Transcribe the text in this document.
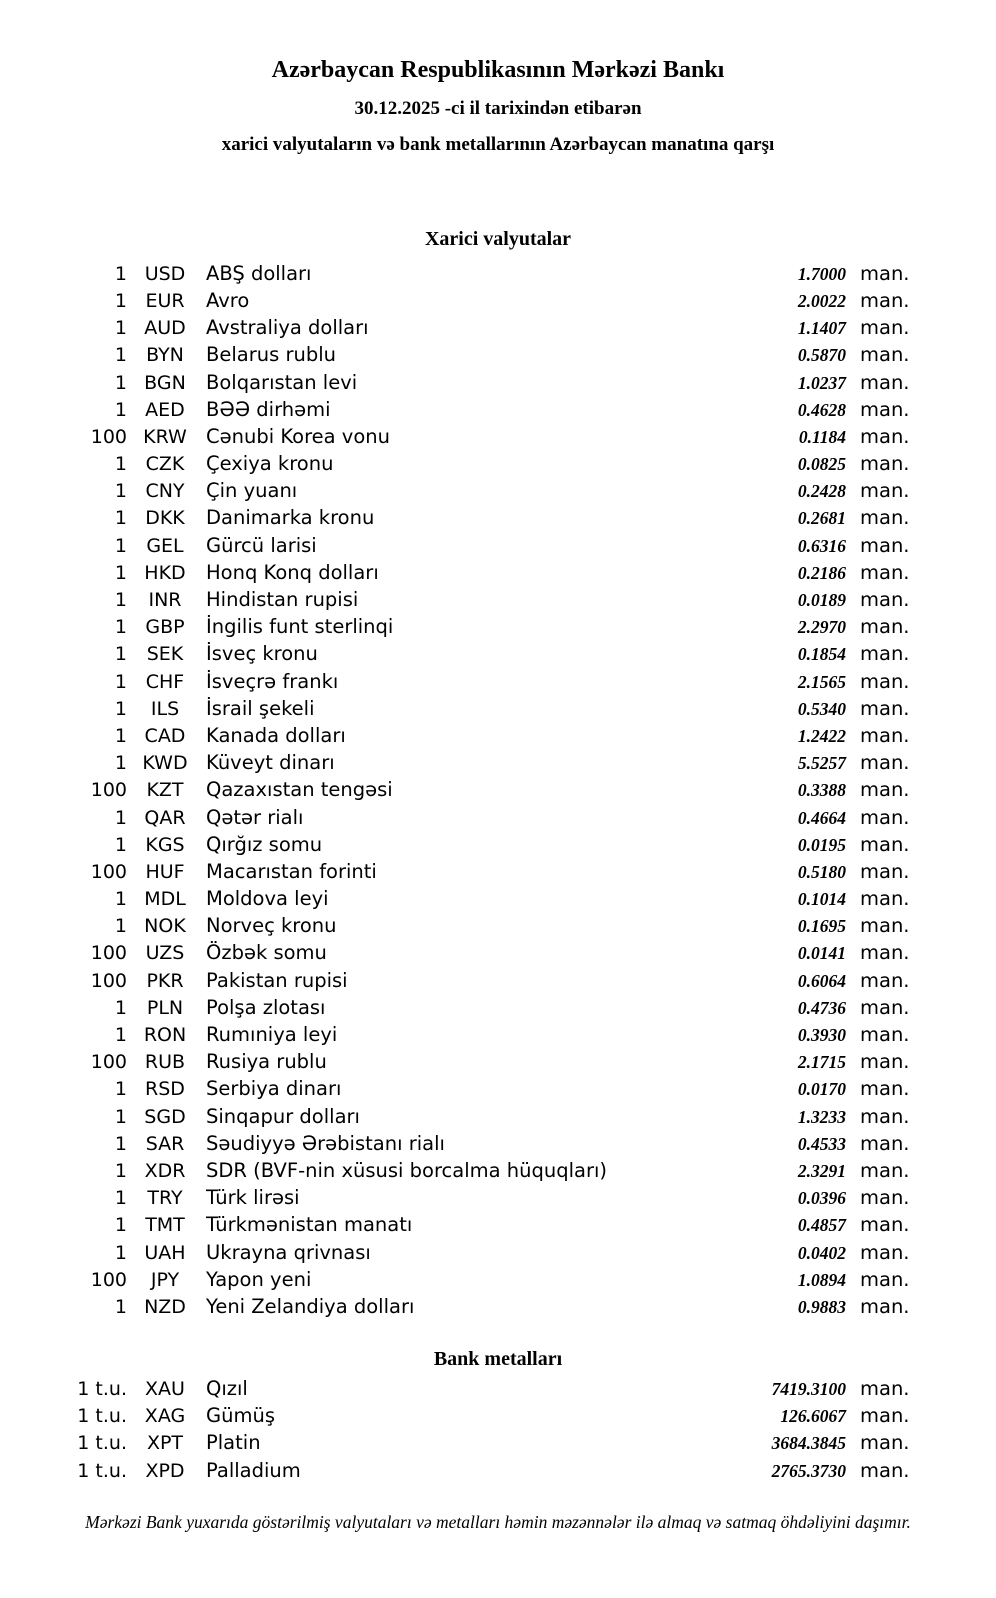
Azərbaycan Respublikasının Mərkəzi Bankı
30.12.2025 -ci il tarixindən etibarən
xarici valyutaların və bank metallarının Azərbaycan manatına qarşı
Xarici valyutalar
1 USD	ABŞ dolları	1.7000 man.
1 EUR	Avro	2.0022 man.
1 AUD	Avstraliya dolları	1.1407 man.
1	BYN	Belarus rublu	0.5870 man.
1 BGN	Bolqarıstan levi	1.0237 man.
1 AED	BƏƏ dirhəmi	0.4628 man.
100 KRW Cənubi Korea vonu	0.1184 man.
1 CZK	Çexiya kronu	0.0825 man.
1 CNY	Çin yuanı	0.2428 man.
1 DKK	Danimarka kronu	0.2681 man.
1	GEL	Gürcü larisi	0.6316 man.
1 HKD	Honq Konq dolları	0.2186 man.
1	INR	Hindistan rupisi	0.0189 man.
1 GBP	İngilis funt sterlinqi	2.2970 man.
1	SEK	İsveç kronu	0.1854 man.
1 CHF	İsveçrə frankı	2.1565 man.
1	ILS	İsrail şekeli	0.5340 man.
1 CAD	Kanada dolları	1.2422 man.
1 KWD Küveyt dinarı	5.5257 man.
100	KZT	Qazaxıstan tengəsi	0.3388 man.
1 QAR	Qətər rialı	0.4664 man.
1 KGS	Qırğız somu	0.0195 man.
100 HUF	Macarıstan forinti	0.5180 man.
1 MDL	Moldova leyi	0.1014 man.
1 NOK	Norveç kronu	0.1695 man.
100 UZS	Özbək somu	0.0141 man.
100	PKR	Pakistan rupisi	0.6064 man.
1	PLN	Polşa zlotası	0.4736 man.
1 RON	Rumıniya leyi	0.3930 man.
100 RUB	Rusiya rublu	2.1715 man.
1 RSD	Serbiya dinarı	0.0170 man.
1 SGD	Sinqapur dolları	1.3233 man.
1 SAR	Səudiyyə Ərəbistanı rialı	0.4533 man.
1 XDR	SDR (BVF-nin xüsusi borcalma hüquqları)	2.3291 man.
1	TRY	Türk lirəsi	0.0396 man.
1 TMT	Türkmənistan manatı	0.4857 man.
1 UAH	Ukrayna qrivnası	0.0402 man.
100	JPY	Yapon yeni	1.0894 man.
1 NZD	Yeni Zelandiya dolları	0.9883 man.
Bank metalları
1 t.u. XAU	Qızıl	7419.3100 man.
1 t.u. XAG	Gümüş	126.6067 man.
1 t.u.	XPT	Platin	3684.3845 man.
1 t.u. XPD	Palladium	2765.3730 man.
Mərkəzi Bank yuxarıda göstərilmiş valyutaları və metalları həmin məzənnələr ilə almaq və satmaq öhdəliyini daşımır.
